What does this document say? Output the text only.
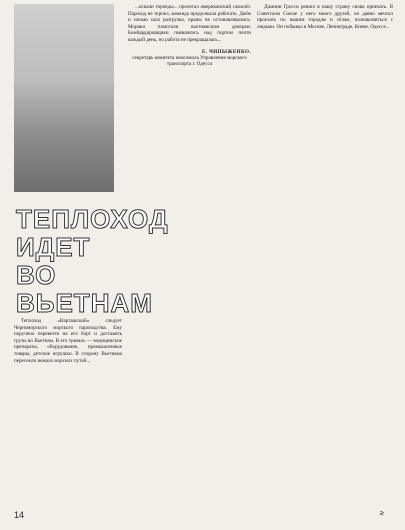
ТЕПЛОХОД
ИДЕТ
ВО ВЬЕТНАМ

Теплоход «Варташский» следует Черноморского морского пароходства. Ему поручено перевезти на его борт и доставить грузы во Вьетнам. В его трюмах — медицинские препараты, оборудование, промышленные товары, детские игрушки. В сторону Вьетнама пересекли немало морских путей...

...искали торпеды... пролетал американский самолёт. Пароход не терпел, команда продолжала работать. Днём и ночью шла разгрузка, краны не останавливались. Моряки помогали вьетнамским докерам. Бомбардировщики появлялись над портом почти каждый день, но работа не прекращалась...

Е. ЧИПЫЖЕНКО.
секретарь комитета комсомола Управления морского транспорта г. Одесса

Джанни Гросси решил в нашу страну снова приехать. В Советском Союзе у него много друзей, он давно мечтал проехать по нашим городам и сёлам, познакомиться с людьми. Он побывал в Москве, Ленинграде, Киеве, Одессе...

14	≥
